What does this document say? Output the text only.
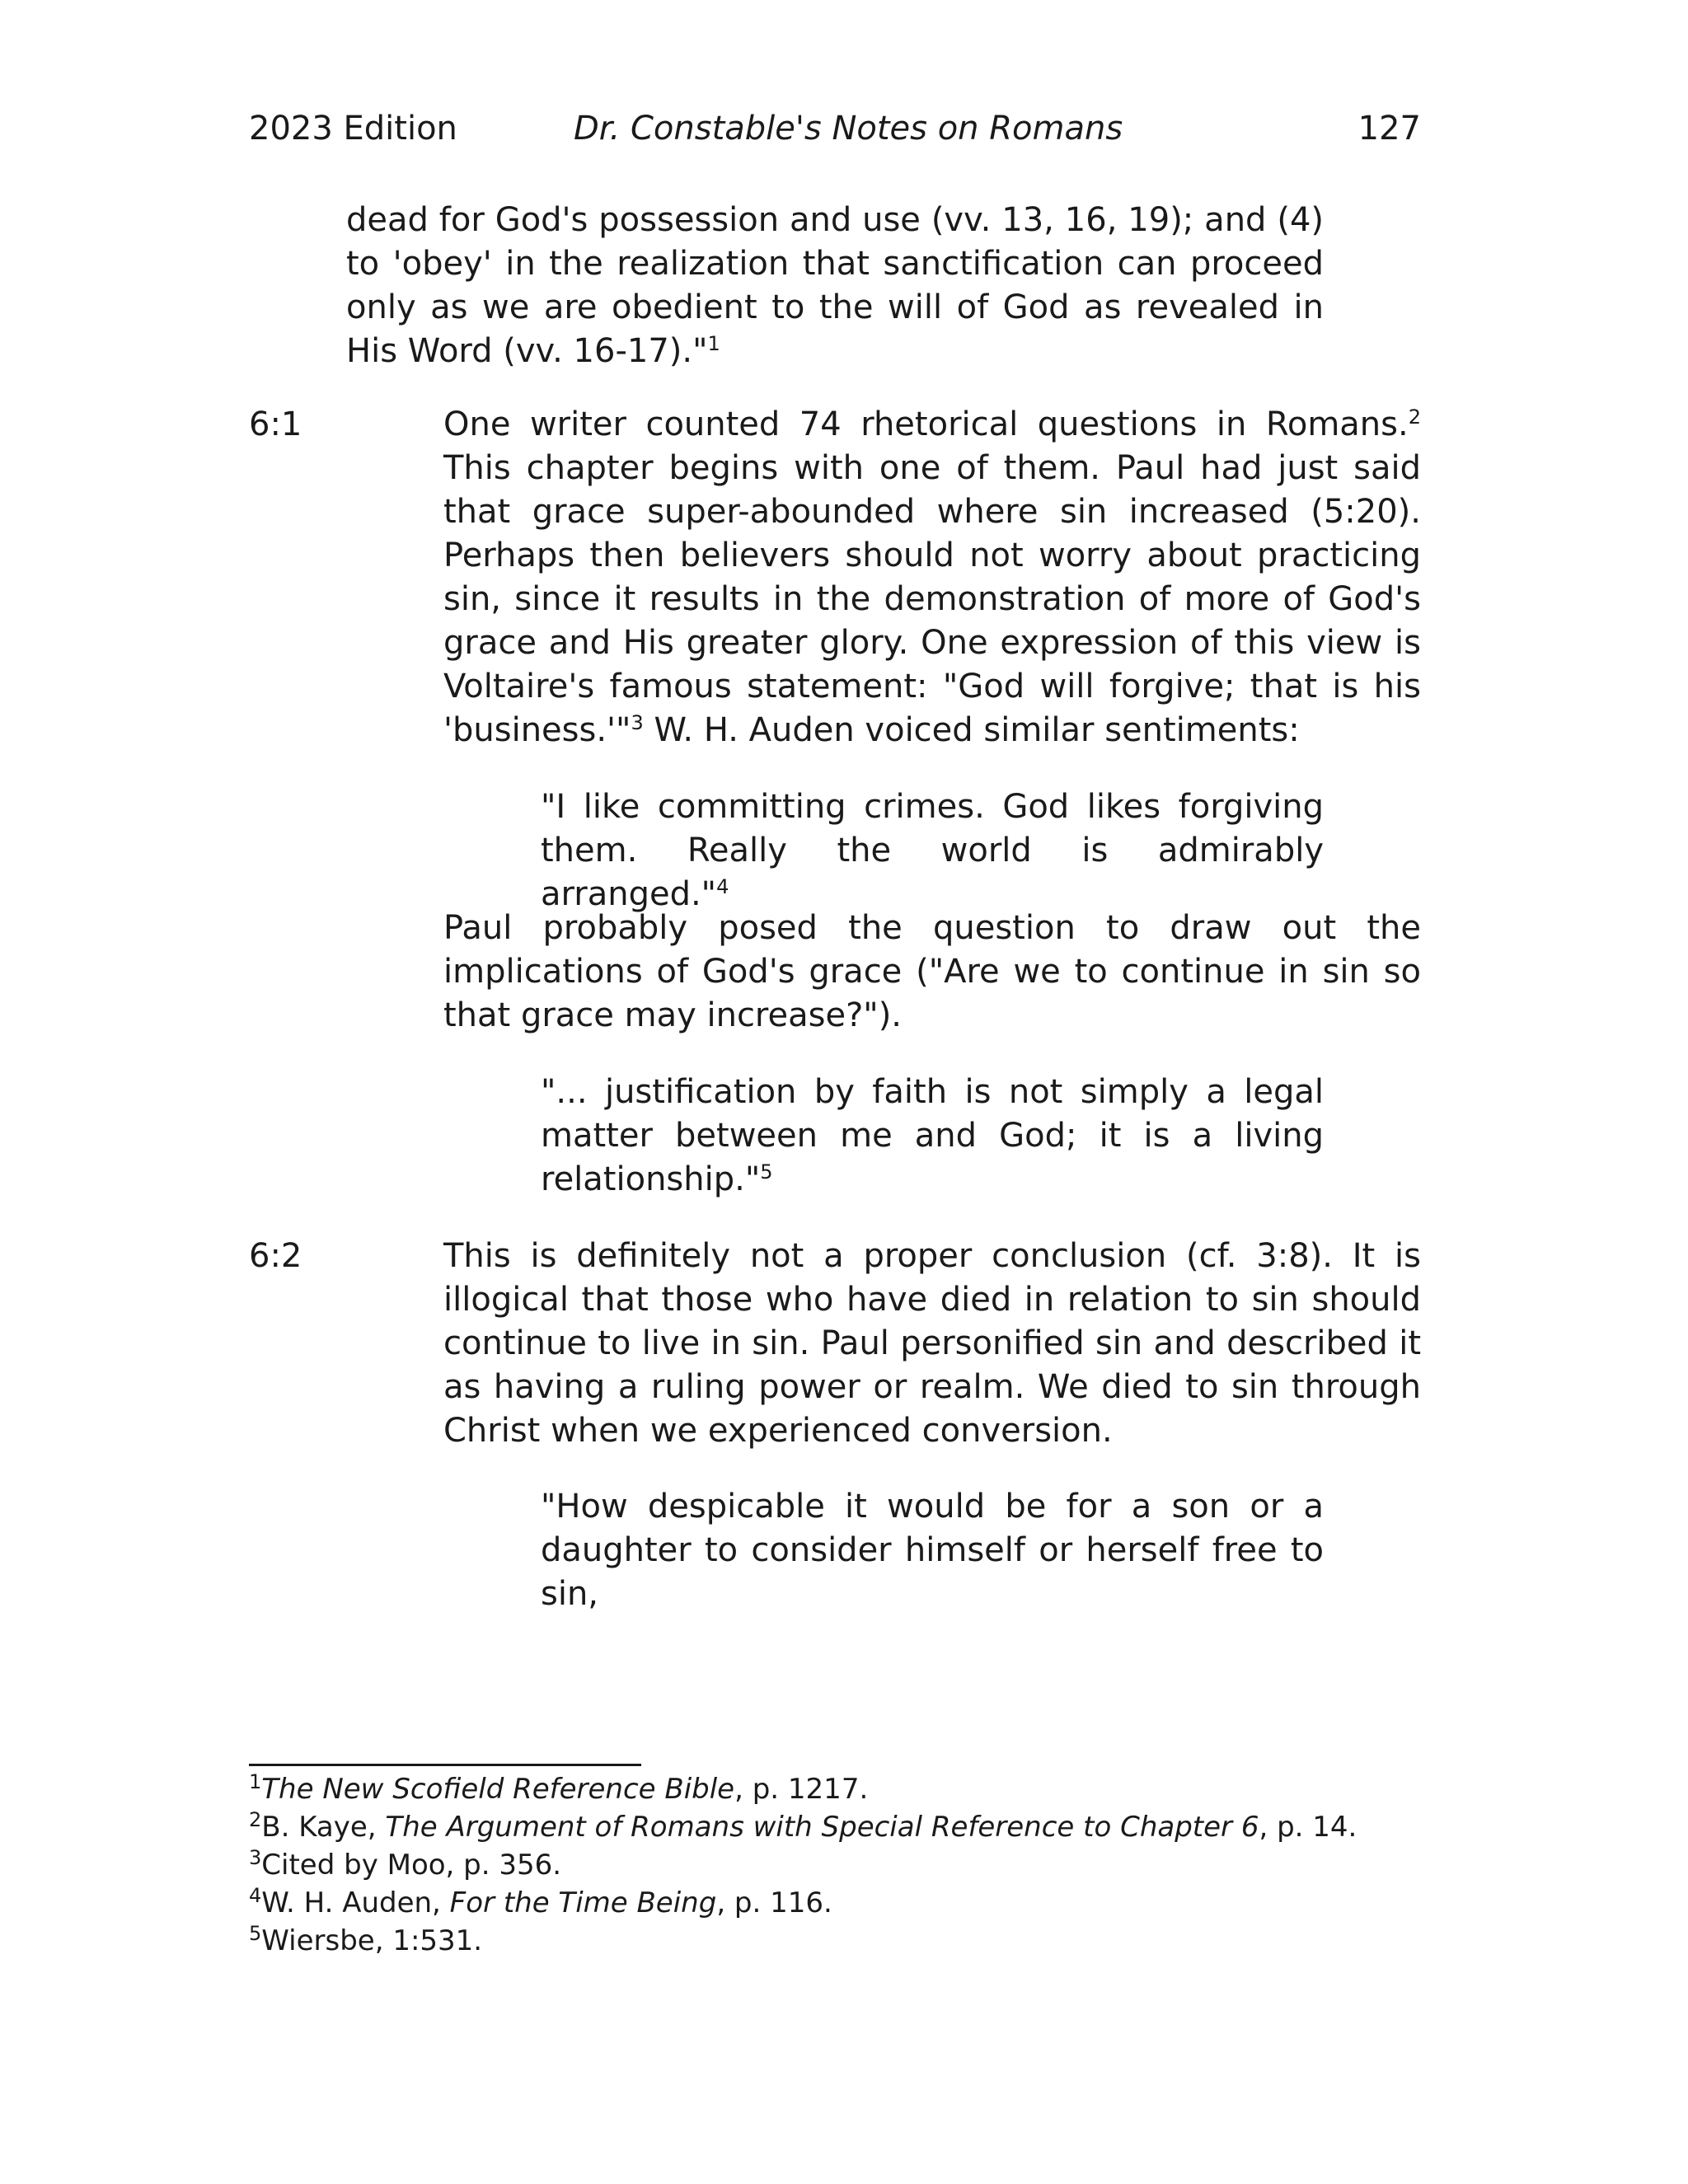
2023 Edition	Dr. Constable's Notes on Romans	127
dead for God's possession and use (vv. 13, 16, 19); and (4) to 'obey' in the realization that sanctification can proceed only as we are obedient to the will of God as revealed in His Word (vv. 16-17)."$^1$
6:1	One writer counted 74 rhetorical questions in Romans.$^2$ This chapter begins with one of them. Paul had just said that grace super-abounded where sin increased (5:20). Perhaps then believers should not worry about practicing sin, since it results in the demonstration of more of God's grace and His greater glory. One expression of this view is Voltaire's famous statement: "God will forgive; that is his 'business.'"$^3$ W. H. Auden voiced similar sentiments:
"I like committing crimes. God likes forgiving them. Really the world is admirably arranged."$^4$
Paul probably posed the question to draw out the implications of God's grace ("Are we to continue in sin so that grace may increase?").
"... justification by faith is not simply a legal matter between me and God; it is a living relationship."$^5$
6:2	This is definitely not a proper conclusion (cf. 3:8). It is illogical that those who have died in relation to sin should continue to live in sin. Paul personified sin and described it as having a ruling power or realm. We died to sin through Christ when we experienced conversion.
"How despicable it would be for a son or a daughter to consider himself or herself free to sin,
$^1$The New Scofield Reference Bible, p. 1217.
$^2$B. Kaye, The Argument of Romans with Special Reference to Chapter 6, p. 14.
$^3$Cited by Moo, p. 356.
$^4$W. H. Auden, For the Time Being, p. 116.
$^5$Wiersbe, 1:531.
